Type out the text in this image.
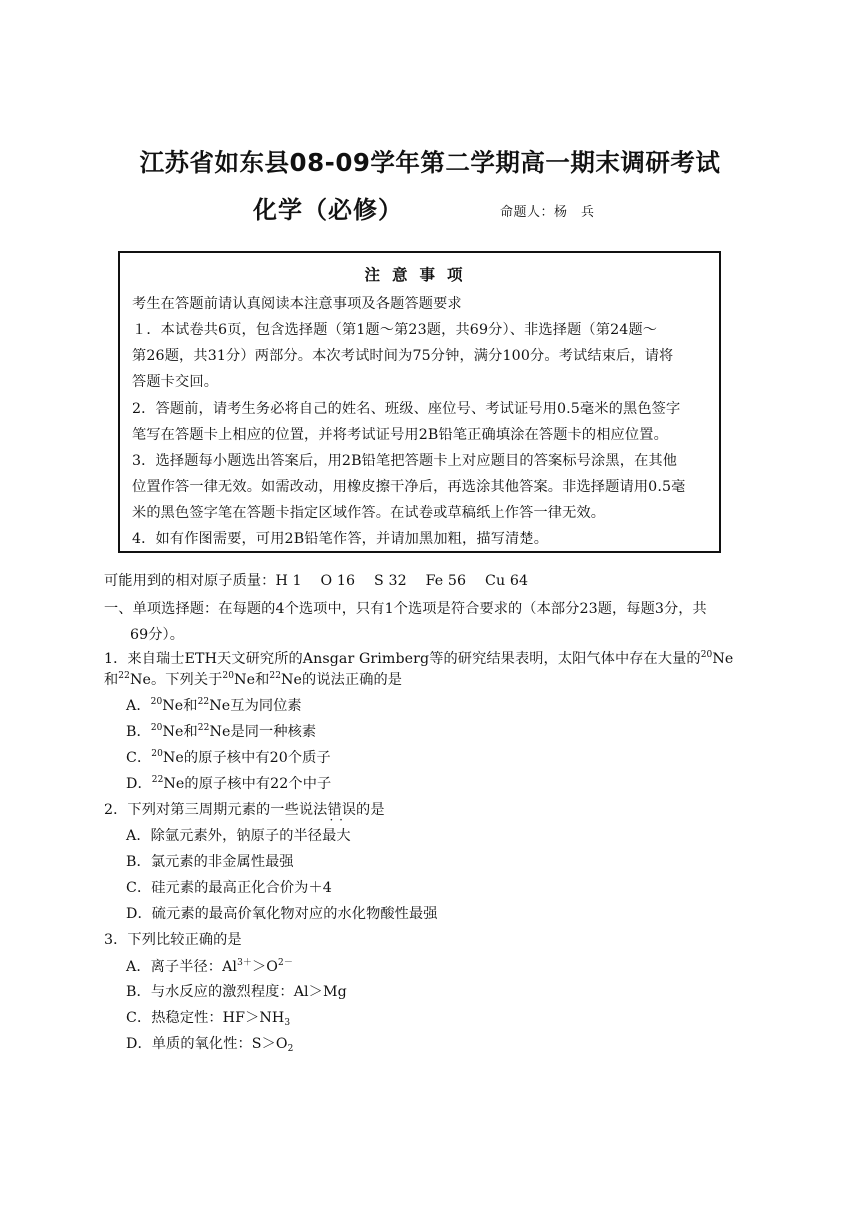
江苏省如东县08-09学年第二学期高一期末调研考试
化学（必修）	命题人：杨　兵
注意事项
考生在答题前请认真阅读本注意事项及各题答题要求
１．本试卷共6页，包含选择题（第1题～第23题，共69分）、非选择题（第24题～
第26题，共31分）两部分。本次考试时间为75分钟，满分100分。考试结束后，请将
答题卡交回。
2．答题前，请考生务必将自己的姓名、班级、座位号、考试证号用0.5毫米的黑色签字
笔写在答题卡上相应的位置，并将考试证号用2B铅笔正确填涂在答题卡的相应位置。
3．选择题每小题选出答案后，用2B铅笔把答题卡上对应题目的答案标号涂黑，在其他
位置作答一律无效。如需改动，用橡皮擦干净后，再选涂其他答案。非选择题请用0.5毫
米的黑色签字笔在答题卡指定区域作答。在试卷或草稿纸上作答一律无效。
4．如有作图需要，可用2B铅笔作答，并请加黑加粗，描写清楚。
可能用到的相对原子质量：H 1　 O 16　 S 32　 Fe 56　 Cu 64
一、单项选择题：在每题的4个选项中，只有1个选项是符合要求的（本部分23题，每题3分，共
69分）。
1．来自瑞士ETH天文研究所的Ansgar Grimberg等的研究结果表明，太阳气体中存在大量的$^{20}$Ne
和$^{22}$Ne。下列关于$^{20}$Ne和$^{22}$Ne的说法正确的是
A．$^{20}$Ne和$^{22}$Ne互为同位素
B．$^{20}$Ne和$^{22}$Ne是同一种核素
C．$^{20}$Ne的原子核中有20个质子
D．$^{22}$Ne的原子核中有22个中子
2．下列对第三周期元素的一些说法错误 · ·的是
A．除氩元素外，钠原子的半径最大
B．氯元素的非金属性最强
C．硅元素的最高正化合价为＋4
D．硫元素的最高价氧化物对应的水化物酸性最强
3．下列比较正确的是
A．离子半径：$Al^{3+}>O^{2-}$
B．与水反应的激烈程度：Al＞Mg
C．热稳定性：$HF>NH_3$
D．单质的氧化性：$S>O_2$
